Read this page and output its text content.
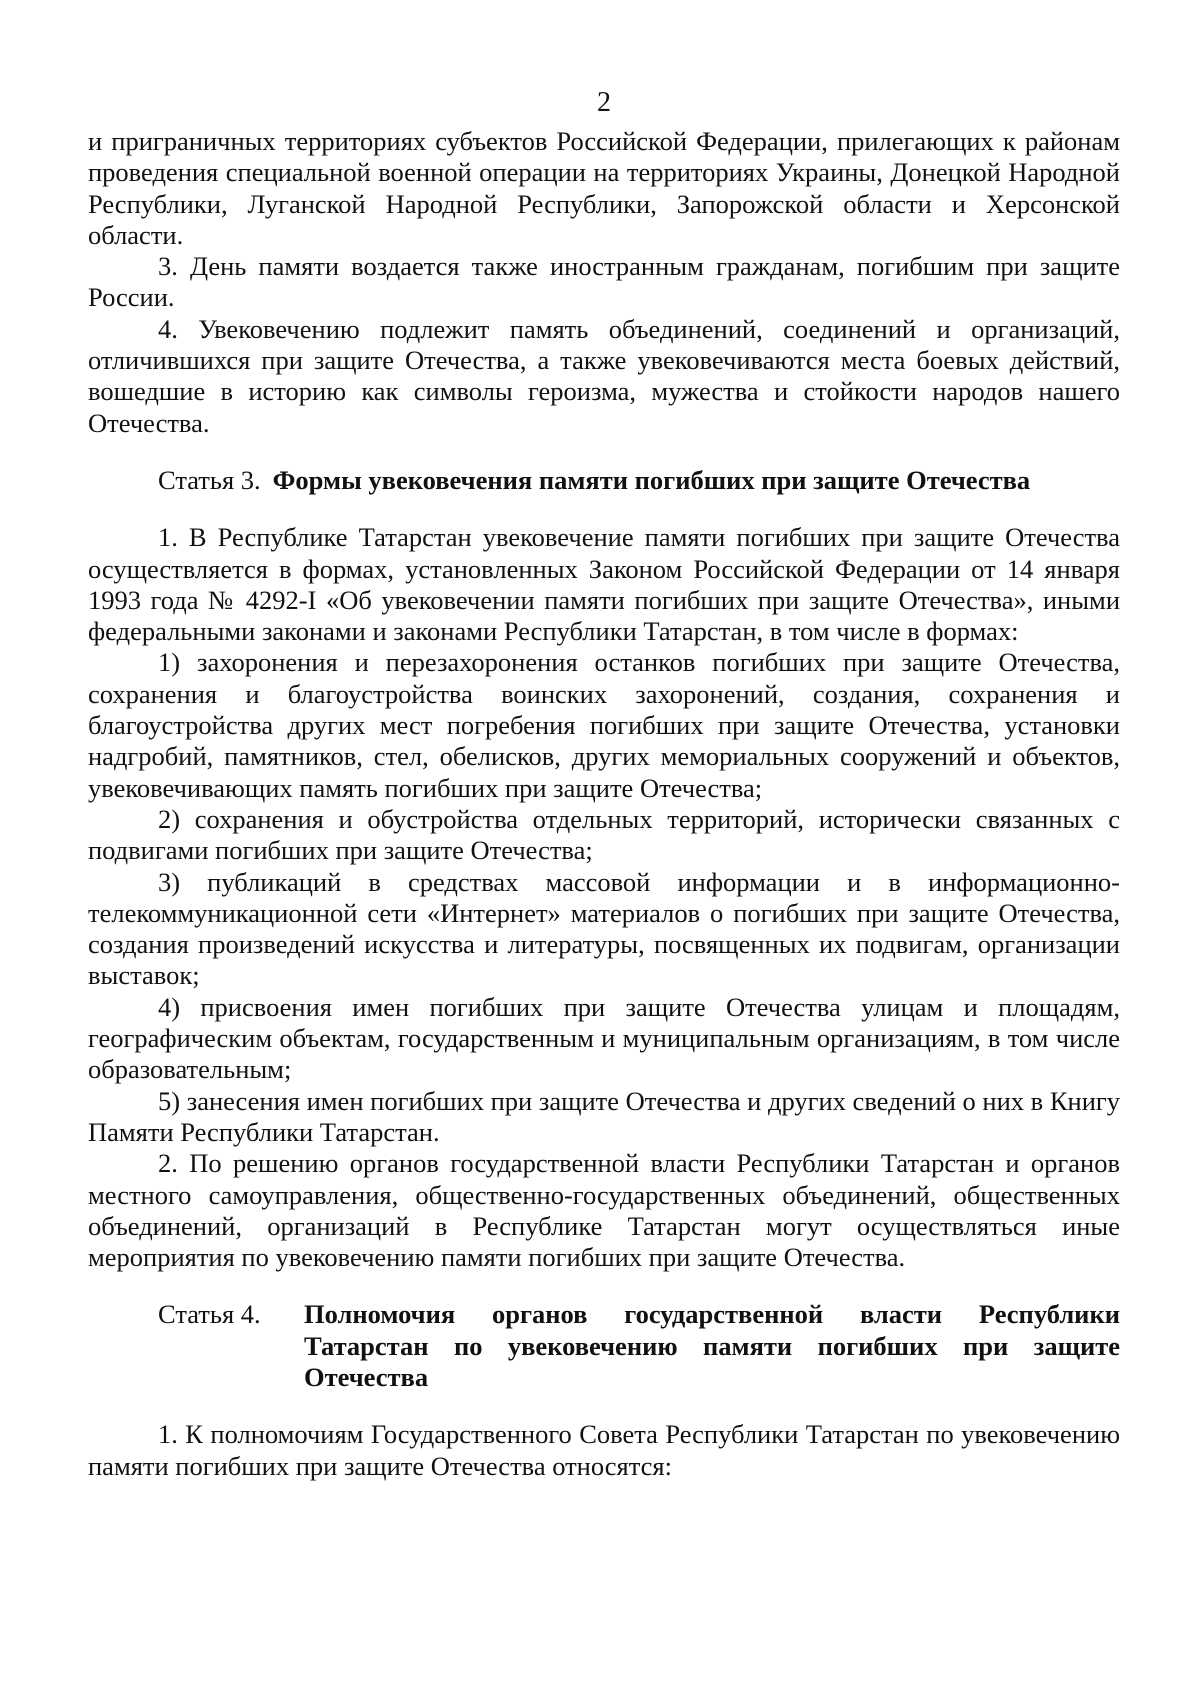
2

и приграничных территориях субъектов Российской Федерации, прилегающих к районам проведения специальной военной операции на территориях Украины, Донецкой Народной Республики, Луганской Народной Республики, Запорожской области и Херсонской области.

3. День памяти воздается также иностранным гражданам, погибшим при защите России.

4. Увековечению подлежит память объединений, соединений и организаций, отличившихся при защите Отечества, а также увековечиваются места боевых действий, вошедшие в историю как символы героизма, мужества и стойкости народов нашего Отечества.

Статья 3. Формы увековечения памяти погибших при защите Отечества

1. В Республике Татарстан увековечение памяти погибших при защите Отечества осуществляется в формах, установленных Законом Российской Федерации от 14 января 1993 года № 4292-I «Об увековечении памяти погибших при защите Отечества», иными федеральными законами и законами Республики Татарстан, в том числе в формах:

1) захоронения и перезахоронения останков погибших при защите Отечества, сохранения и благоустройства воинских захоронений, создания, сохранения и благоустройства других мест погребения погибших при защите Отечества, установки надгробий, памятников, стел, обелисков, других мемориальных сооружений и объектов, увековечивающих память погибших при защите Отечества;

2) сохранения и обустройства отдельных территорий, исторически связанных с подвигами погибших при защите Отечества;

3) публикаций в средствах массовой информации и в информационно-телекоммуникационной сети «Интернет» материалов о погибших при защите Отечества, создания произведений искусства и литературы, посвященных их подвигам, организации выставок;

4) присвоения имен погибших при защите Отечества улицам и площадям, географическим объектам, государственным и муниципальным организациям, в том числе образовательным;

5) занесения имен погибших при защите Отечества и других сведений о них в Книгу Памяти Республики Татарстан.

2. По решению органов государственной власти Республики Татарстан и органов местного самоуправления, общественно-государственных объединений, общественных объединений, организаций в Республике Татарстан могут осуществляться иные мероприятия по увековечению памяти погибших при защите Отечества.

Статья 4.	Полномочия органов государственной власти Республики Татарстан по увековечению памяти погибших при защите Отечества

1. К полномочиям Государственного Совета Республики Татарстан по увековечению памяти погибших при защите Отечества относятся:
